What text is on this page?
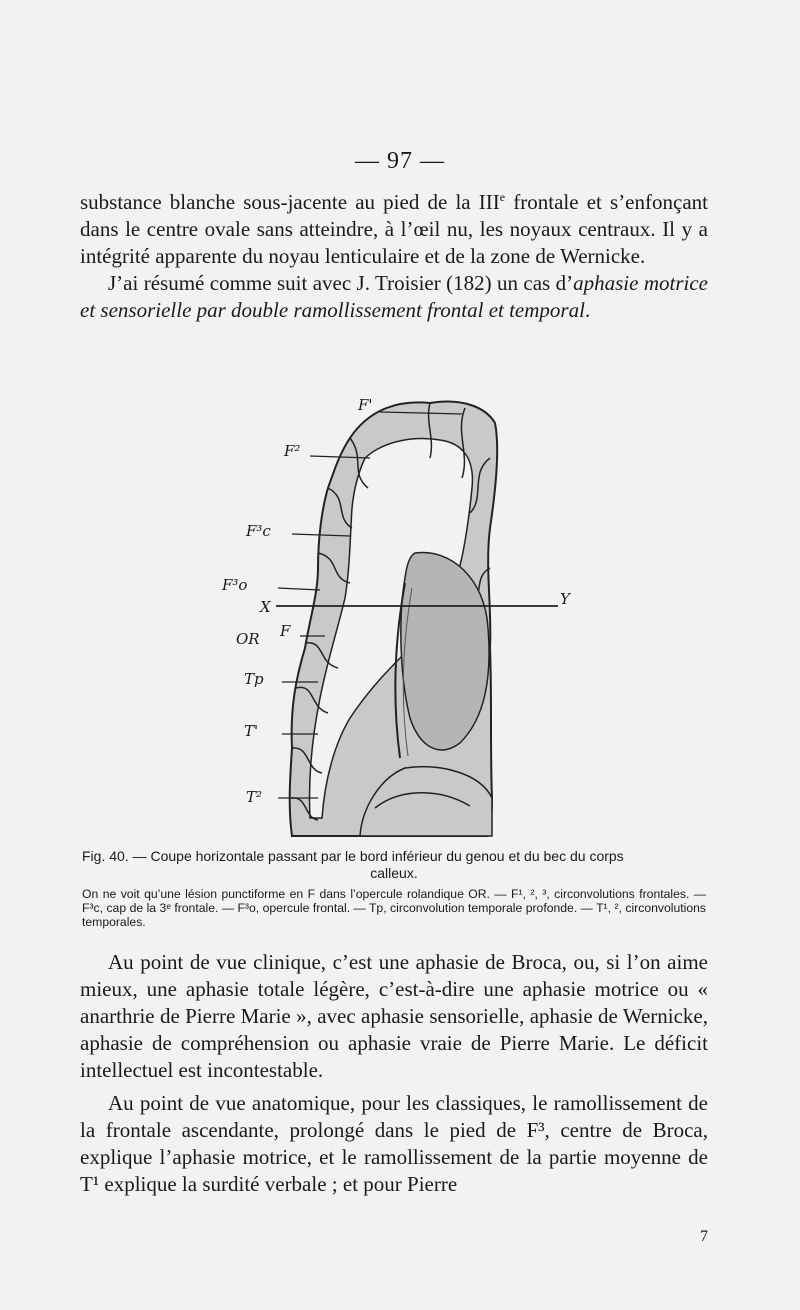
— 97 —

substance blanche sous-jacente au pied de la IIIe frontale et s’enfonçant dans le centre ovale sans atteindre, à l’œil nu, les noyaux centraux. Il y a intégrité apparente du noyau lenticulaire et de la zone de Wernicke.

J’ai résumé comme suit avec J. Troisier (182) un cas d’aphasie motrice et sensorielle par double ramollissement frontal et temporal.

F'
F²
F³c
F³o
X	Y
OR F
Tp
T'
T²
Fig. 40. — Coupe horizontale passant par le bord inférieur du genou et du bec du corps
calleux.
On ne voit qu’une lésion punctiforme en F dans l’opercule rolandique OR. — F¹, ², ³, circonvolutions frontales. — F³c, cap de la 3ᵉ frontale. — F³o, opercule frontal. — Tp, circonvolution temporale profonde. — T¹, ², circonvolutions temporales.

Au point de vue clinique, c’est une aphasie de Broca, ou, si l’on aime mieux, une aphasie totale légère, c’est-à-dire une aphasie motrice ou « anarthrie de Pierre Marie », avec aphasie sensorielle, aphasie de Wernicke, aphasie de compréhension ou aphasie vraie de Pierre Marie. Le déficit intellectuel est incontestable.

Au point de vue anatomique, pour les classiques, le ramollissement de la frontale ascendante, prolongé dans le pied de F³, centre de Broca, explique l’aphasie motrice, et le ramollissement de la partie moyenne de T¹ explique la surdité verbale ; et pour Pierre

7
